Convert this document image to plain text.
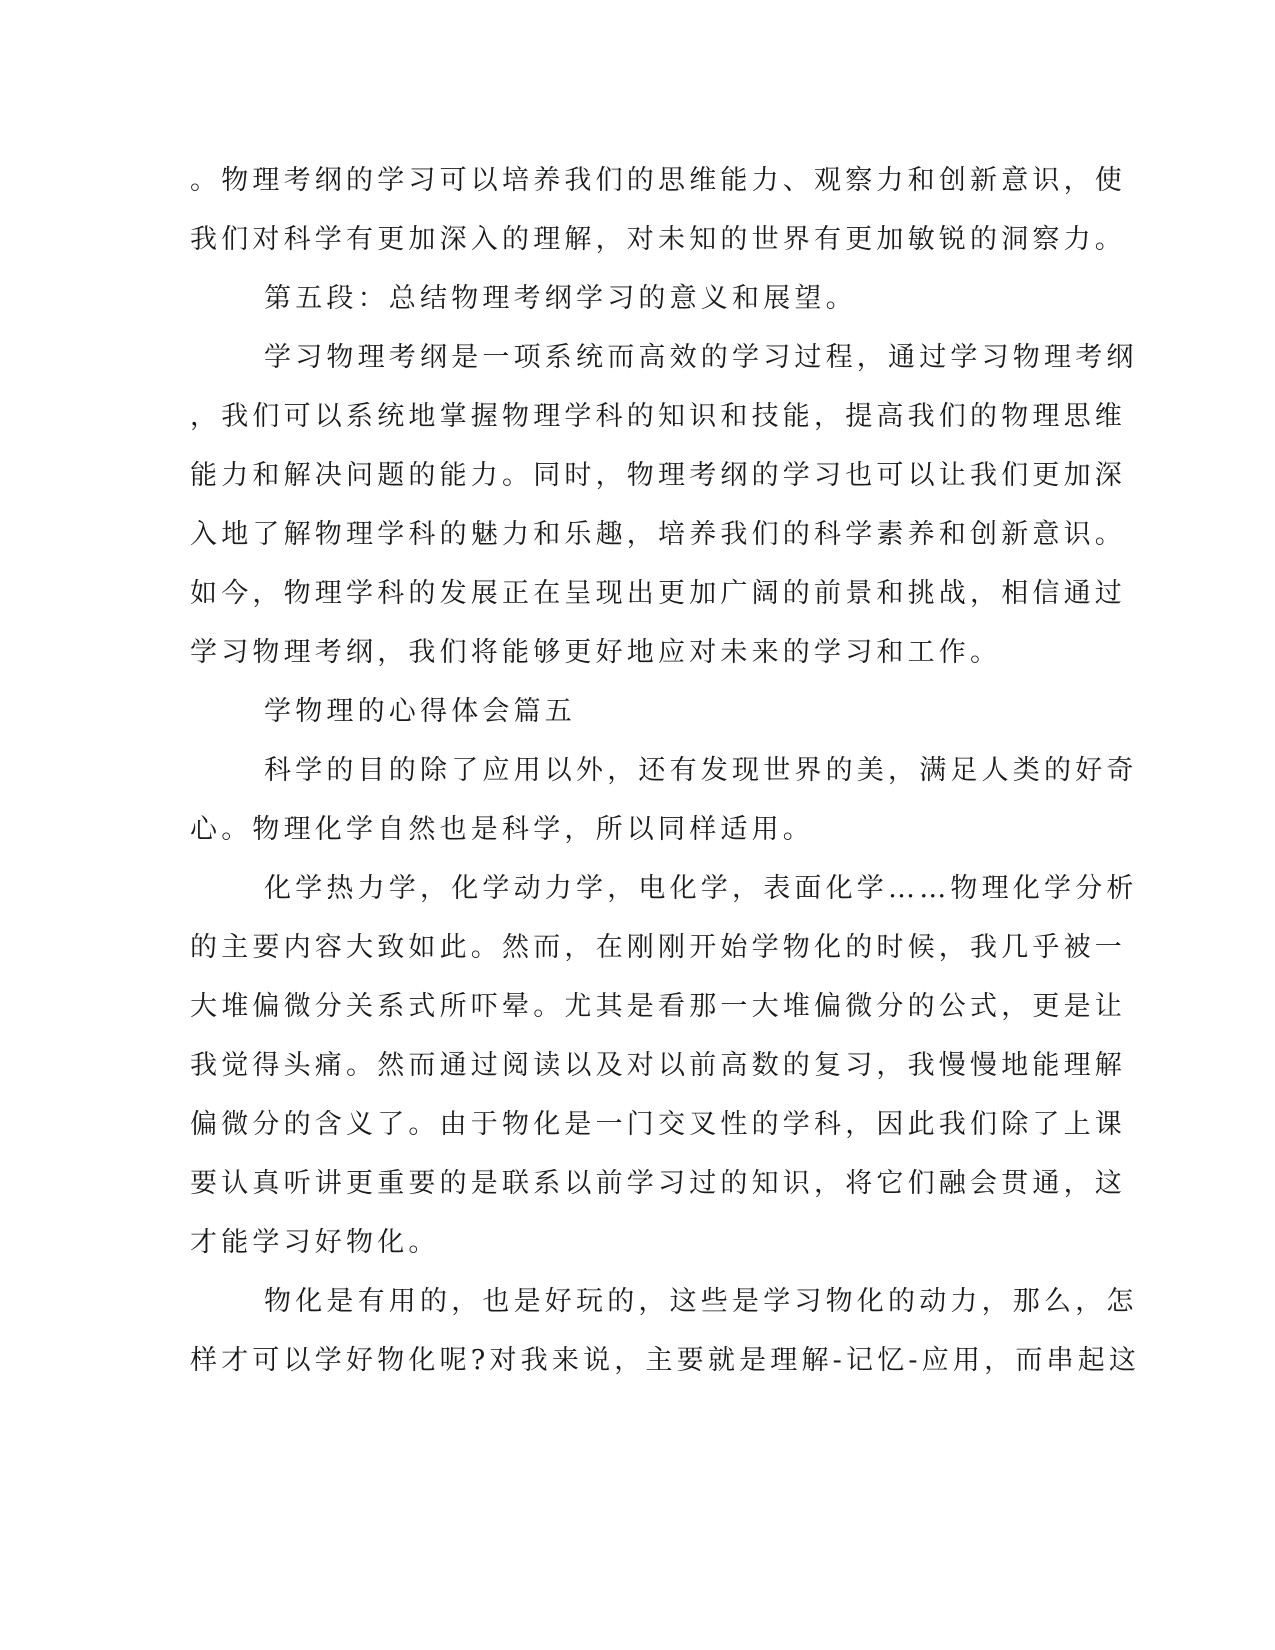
。物理考纲的学习可以培养我们的思维能力、观察力和创新意识，使
我们对科学有更加深入的理解，对未知的世界有更加敏锐的洞察力。
第五段：总结物理考纲学习的意义和展望。
学习物理考纲是一项系统而高效的学习过程，通过学习物理考纲
，我们可以系统地掌握物理学科的知识和技能，提高我们的物理思维
能力和解决问题的能力。同时，物理考纲的学习也可以让我们更加深
入地了解物理学科的魅力和乐趣，培养我们的科学素养和创新意识。
如今，物理学科的发展正在呈现出更加广阔的前景和挑战，相信通过
学习物理考纲，我们将能够更好地应对未来的学习和工作。
学物理的心得体会篇五
科学的目的除了应用以外，还有发现世界的美，满足人类的好奇
心。物理化学自然也是科学，所以同样适用。
化学热力学，化学动力学，电化学，表面化学……物理化学分析
的主要内容大致如此。然而，在刚刚开始学物化的时候，我几乎被一
大堆偏微分关系式所吓晕。尤其是看那一大堆偏微分的公式，更是让
我觉得头痛。然而通过阅读以及对以前高数的复习，我慢慢地能理解
偏微分的含义了。由于物化是一门交叉性的学科，因此我们除了上课
要认真听讲更重要的是联系以前学习过的知识，将它们融会贯通，这
才能学习好物化。
物化是有用的，也是好玩的，这些是学习物化的动力，那么，怎
样才可以学好物化呢?对我来说，主要就是理解-记忆-应用，而串起这
